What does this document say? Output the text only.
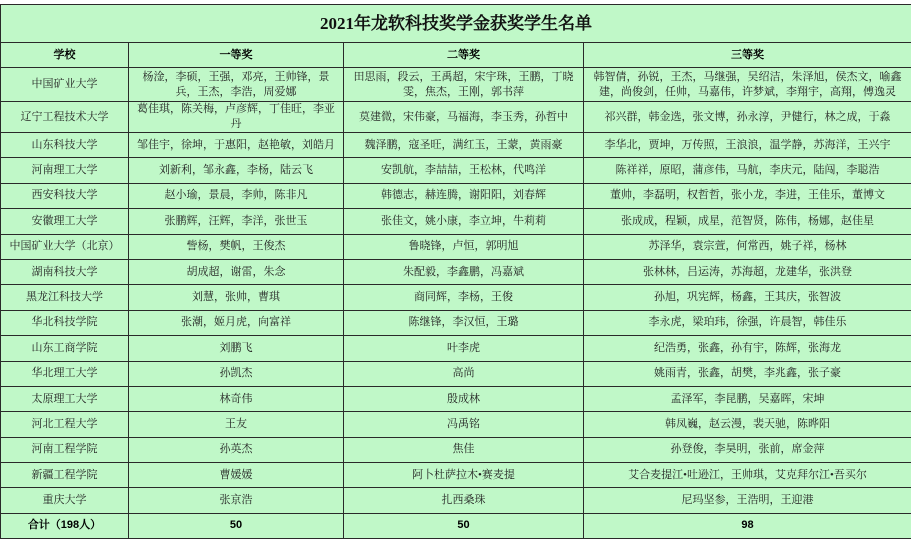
2021年龙软科技奖学金获奖学生名单			
学校	一等奖	二等奖	三等奖
中国矿业大学	杨淦，李硕，王强，邓亮，王帅锋，景兵，王杰，李浩，周爱娜	田思雨，段云，王禹超，宋宇珠，王鹏，丁晓雯，焦杰，王刚，郭书萍	韩智倩，孙锐，王杰，马继强，吴绍洁，朱泽旭，侯杰文，喻鑫建，尚俊剑，任帅，马嘉伟，许梦斌，李翔宇，高翔，傅逸灵
辽宁工程技术大学	葛佳琪，陈关梅，卢彦辉，丁佳旺，李亚丹	莫建微，宋伟豪，马福海，李玉秀，孙哲中	祁兴群，韩金选，张文博，孙永淳，尹健行，林之成，于淼
山东科技大学	邹佳宇，徐坤，于惠阳，赵艳敏，刘皓月	魏泽鹏，寇圣旺，满红玉，王蒙，黄雨豪	李华北，贾坤，万传照，王浪浪，温学静，苏海洋，王兴宇
河南理工大学	刘新利，邹永鑫，李杨，陆云飞	安凯航，李喆喆，王松林，代鸣洋	陈祥祥，原昭，蒲彦伟，马航，李庆元，陆闯，李聪浩
西安科技大学	赵小瑜，景晨，李帅，陈非凡	韩德志，赫连腾，谢阳阳，刘春辉	董帅，李磊明，权哲哲，张小龙，李进，王佳乐，董博文
安徽理工大学	张鹏辉，汪辉，李洋，张世玉	张佳文，姚小康，李立坤，牛莉莉	张成成，程颖，成星，范智贤，陈伟，杨娜，赵佳星
中国矿业大学（北京）	訾杨，樊帆，王俊杰	鲁晓锋，卢恒，郭明旭	苏泽华，袁宗萱，何常西，姚子祥，杨林
湖南科技大学	胡成超，谢雷，朱念	朱配毅，李鑫鹏，冯嘉斌	张林林，吕运涛，苏海超，龙建华，张洪登
黑龙江科技大学	刘慧，张帅，曹琪	商同辉，李杨，王俊	孙旭，巩宪辉，杨鑫，王其庆，张智波
华北科技学院	张潮，姬月虎，向富祥	陈继锋，李汉恒，王璐	李永虎，梁珀玮，徐强，许晨智，韩佳乐
山东工商学院	刘鹏飞	叶李虎	纪浩勇，张鑫，孙有宇，陈辉，张海龙
华北理工大学	孙凯杰	高尚	姚雨青，张鑫，胡樊，李兆鑫，张子豪
太原理工大学	林奇伟	殷成林	孟泽军，李昆鹏，吴嘉晖，宋坤
河北工程大学	王友	冯禹铭	韩凤巍，赵云漫，裴天驰，陈晔阳
河南工程学院	孙英杰	焦佳	孙登俊，李昊明，张前，席金萍
新疆工程学院	曹媛媛	阿卜杜萨拉木•赛麦提	艾合麦提江•吐逊江，王帅琪，艾克拜尔江•吾买尔
重庆大学	张京浩	扎西桑珠	尼玛坚参，王浩明，王迎港
合计（198人）	50	50	98
